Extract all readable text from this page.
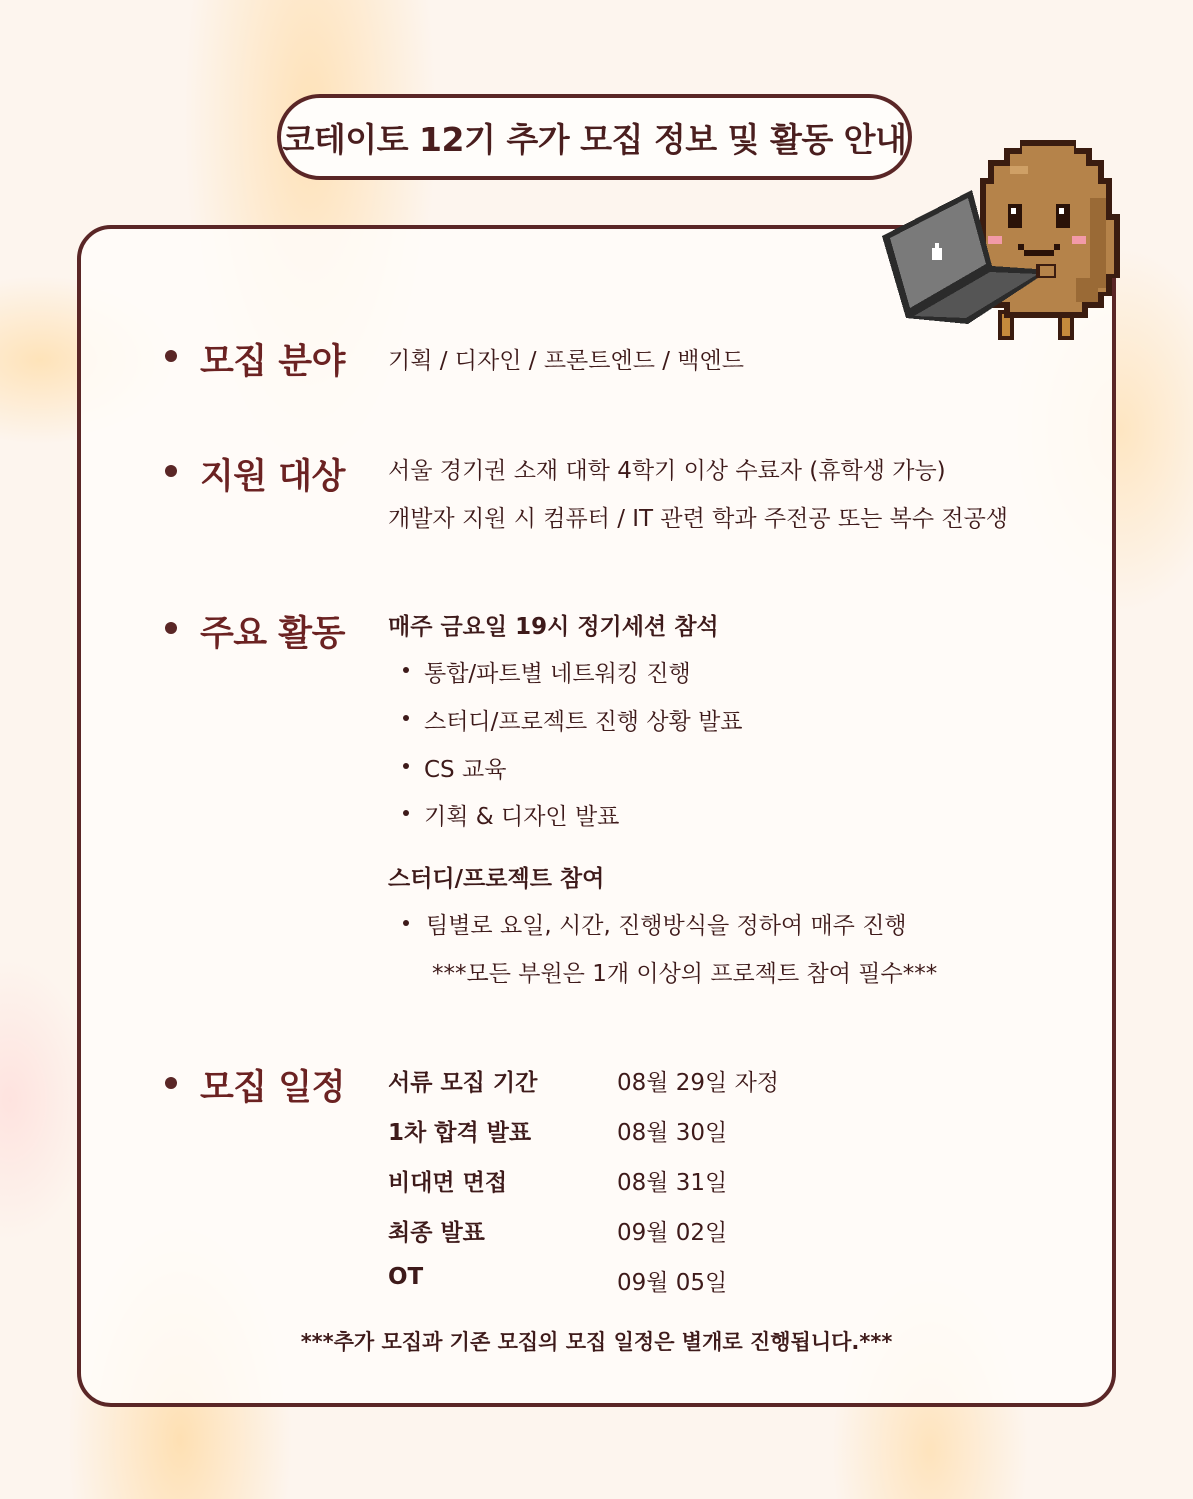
코테이토 12기 추가 모집 정보 및 활동 안내
모집 분야 기획 / 디자인 / 프론트엔드 / 백엔드
지원 대상 서울 경기권 소재 대학 4학기 이상 수료자 (휴학생 가능)
개발자 지원 시 컴퓨터 / IT 관련 학과 주전공 또는 복수 전공생
주요 활동 매주 금요일 19시 정기세션 참석
통합/파트별 네트워킹 진행
스터디/프로젝트 진행 상황 발표
CS 교육
기획 & 디자인 발표
스터디/프로젝트 참여
팀별로 요일, 시간, 진행방식을 정하여 매주 진행
***모든 부원은 1개 이상의 프로젝트 참여 필수***
모집 일정 서류 모집 기간	08월 29일 자정
1차 합격 발표	08월 30일
비대면 면접	08월 31일
최종 발표	09월 02일
OT	09월 05일
***추가 모집과 기존 모집의 모집 일정은 별개로 진행됩니다.***
